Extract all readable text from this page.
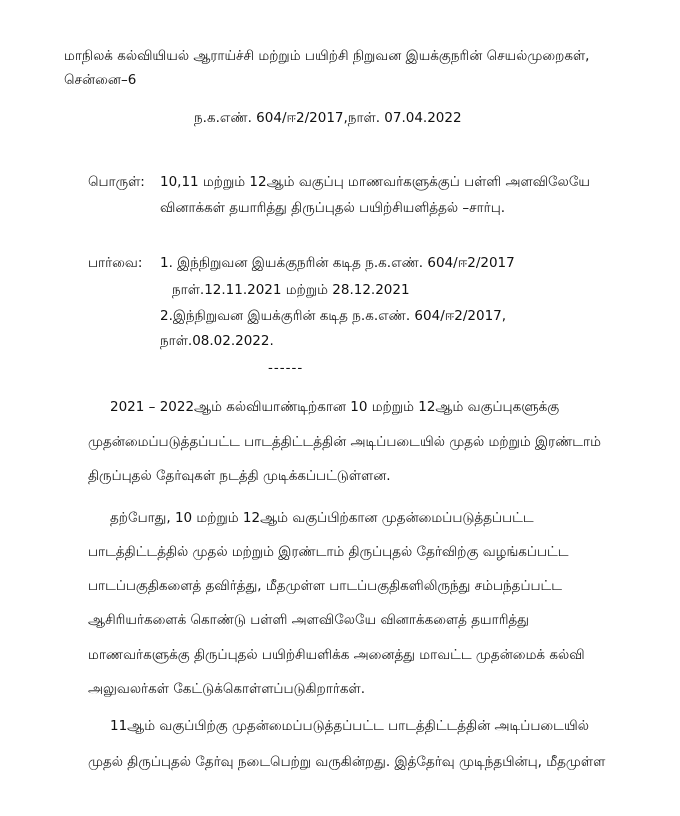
மாநிலக் கல்வியியல் ஆராய்ச்சி மற்றும் பயிற்சி நிறுவன இயக்குநரின் செயல்முறைகள்,
சென்னை–6
ந.க.எண். 604/ஈ2/2017,நாள். 07.04.2022
பொருள்: 10,11 மற்றும் 12ஆம் வகுப்பு மாணவர்களுக்குப் பள்ளி அளவிலேயே
வினாக்கள் தயாரித்து திருப்புதல் பயிற்சியளித்தல் –சார்பு.
பார்வை: 1. இந்நிறுவன இயக்குநரின் கடித ந.க.எண். 604/ஈ2/2017
நாள்.12.11.2021 மற்றும் 28.12.2021
2.இந்நிறுவன இயக்குரின் கடித ந.க.எண். 604/ஈ2/2017,
நாள்.08.02.2022.
------
2021 – 2022ஆம் கல்வியாண்டிற்கான 10 மற்றும் 12ஆம் வகுப்புகளுக்கு
முதன்மைப்படுத்தப்பட்ட பாடத்திட்டத்தின் அடிப்படையில் முதல் மற்றும் இரண்டாம்
திருப்புதல் தேர்வுகள் நடத்தி முடிக்கப்பட்டுள்ளன.
தற்போது, 10 மற்றும் 12ஆம் வகுப்பிற்கான முதன்மைப்படுத்தப்பட்ட
பாடத்திட்டத்தில் முதல் மற்றும் இரண்டாம் திருப்புதல் தேர்விற்கு வழங்கப்பட்ட
பாடப்பகுதிகளைத் தவிர்த்து, மீதமுள்ள பாடப்பகுதிகளிலிருந்து சம்பந்தப்பட்ட
ஆசிரியர்களைக் கொண்டு பள்ளி அளவிலேயே வினாக்களைத் தயாரித்து
மாணவர்களுக்கு திருப்புதல் பயிற்சியளிக்க அனைத்து மாவட்ட முதன்மைக் கல்வி
அலுவலர்கள் கேட்டுக்கொள்ளப்படுகிறார்கள்.
11ஆம் வகுப்பிற்கு முதன்மைப்படுத்தப்பட்ட பாடத்திட்டத்தின் அடிப்படையில்
முதல் திருப்புதல் தேர்வு நடைபெற்று வருகின்றது. இத்தேர்வு முடிந்தபின்பு, மீதமுள்ள
